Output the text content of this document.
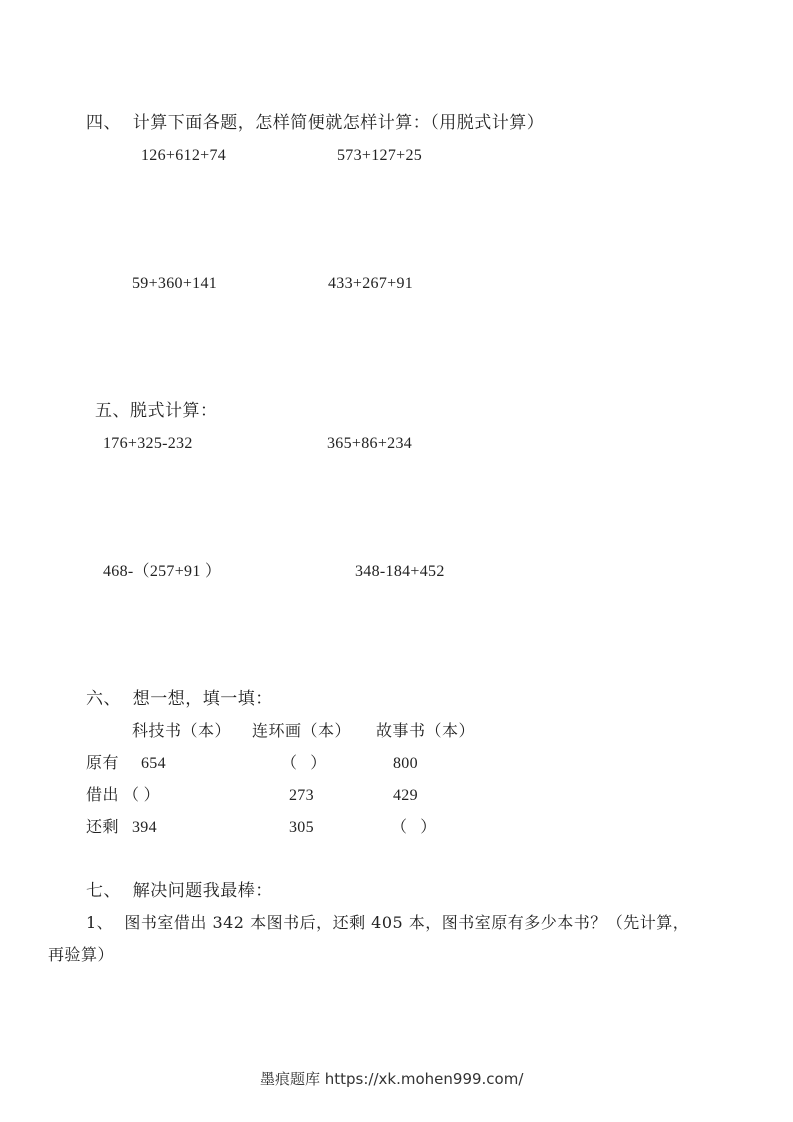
四、  计算下面各题，怎样简便就怎样计算：（用脱式计算）
126+612+74	573+127+25
59+360+141	433+267+91
五、脱式计算：
176+325-232	365+86+234
468-（257+91 ）	348-184+452
六、  想一想，填一填：
科技书（本） 连环画（本） 故事书（本）
原有 654	（   ）	800
借出 （ ）	273	429
还剩 394	305	（   ）
七、  解决问题我最棒：
1、  图书室借出 342 本图书后，还剩 405 本，图书室原有多少本书？（先计算，
再验算）
墨痕题库 https://xk.mohen999.com/
